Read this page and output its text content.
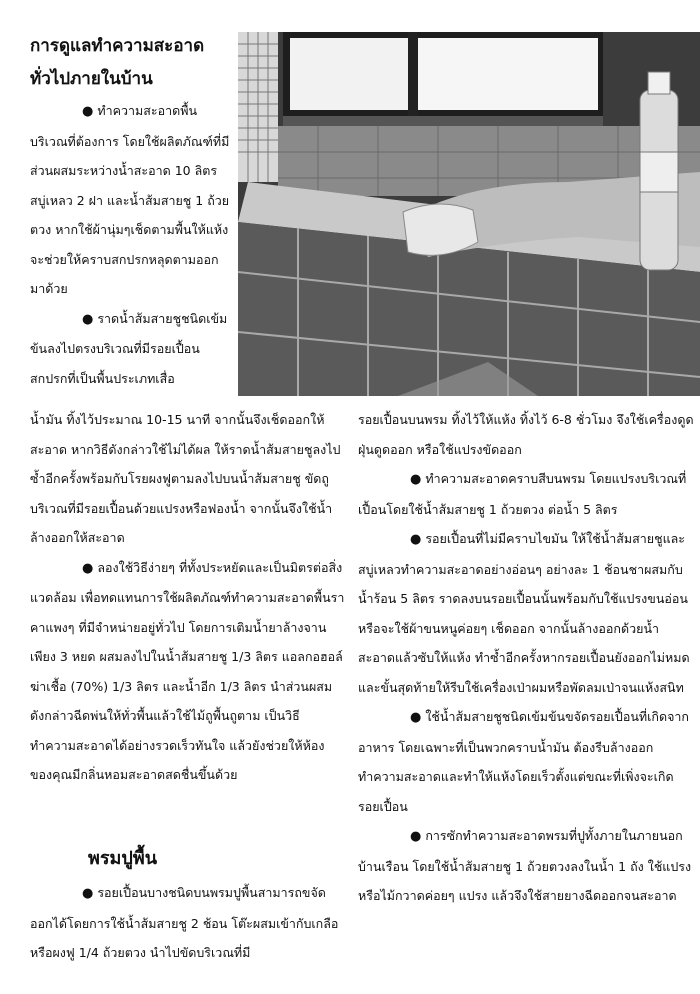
การดูแลทำความสะอาด
ทั่วไปภายในบ้าน

● ทำความสะอาดพื้นบริเวณที่ต้องการ โดยใช้ผลิตภัณฑ์ที่มีส่วนผสมระหว่างน้ำสะอาด 10 ลิตร สบู่เหลว 2 ฝา และน้ำส้มสายชู 1 ถ้วยตวง หากใช้ผ้านุ่มๆเช็ดตามพื้นให้แห้งจะช่วยให้คราบสกปรกหลุดตามออกมาด้วย

● ราดน้ำส้มสายชูชนิดเข้มข้นลงไปตรงบริเวณที่มีรอยเปื้อนสกปรกที่เป็นพื้นประเภทเสื่อ

น้ำมัน ทิ้งไว้ประมาณ 10-15 นาที จากนั้นจึงเช็ดออกให้สะอาด หากวิธีดังกล่าวใช้ไม่ได้ผล ให้ราดน้ำส้มสายชูลงไปซ้ำอีกครั้งพร้อมกับโรยผงฟูตามลงไปบนน้ำส้มสายชู ขัดถูบริเวณที่มีรอยเปื้อนด้วยแปรงหรือฟองน้ำ จากนั้นจึงใช้น้ำล้างออกให้สะอาด

● ลองใช้วิธีง่ายๆ ที่ทั้งประหยัดและเป็นมิตรต่อสิ่งแวดล้อม เพื่อทดแทนการใช้ผลิตภัณฑ์ทำความสะอาดพื้นราคาแพงๆ ที่มีจำหน่ายอยู่ทั่วไป โดยการเติมน้ำยาล้างจานเพียง 3 หยด ผสมลงไปในน้ำส้มสายชู 1/3 ลิตร แอลกอฮอล์ฆ่าเชื้อ (70%) 1/3 ลิตร และน้ำอีก 1/3 ลิตร นำส่วนผสมดังกล่าวฉีดพ่นให้ทั่วพื้นแล้วใช้ไม้ถูพื้นถูตาม เป็นวิธีทำความสะอาดได้อย่างรวดเร็วทันใจ แล้วยังช่วยให้ห้องของคุณมีกลิ่นหอมสะอาดสดชื่นขึ้นด้วย

พรมปูพื้น

● รอยเปื้อนบางชนิดบนพรมปูพื้นสามารถขจัดออกได้โดยการใช้น้ำส้มสายชู 2 ช้อน โต๊ะผสมเข้ากับเกลือ หรือผงฟู 1/4 ถ้วยตวง นำไปขัดบริเวณที่มี

รอยเปื้อนบนพรม ทิ้งไว้ให้แห้ง ทิ้งไว้ 6-8 ชั่วโมง จึงใช้เครื่องดูดฝุ่นดูดออก หรือใช้แปรงขัดออก

● ทำความสะอาดคราบสีบนพรม โดยแปรงบริเวณที่เปื้อนโดยใช้น้ำส้มสายชู 1 ถ้วยตวง ต่อน้ำ 5 ลิตร

● รอยเปื้อนที่ไม่มีคราบไขมัน ให้ใช้น้ำส้มสายชูและสบู่เหลวทำความสะอาดอย่างอ่อนๆ อย่างละ 1 ช้อนชาผสมกับน้ำร้อน 5 ลิตร ราดลงบนรอยเปื้อนนั้นพร้อมกับใช้แปรงขนอ่อน หรือจะใช้ผ้าขนหนูค่อยๆ เช็ดออก จากนั้นล้างออกด้วยน้ำสะอาดแล้วซับให้แห้ง ทำซ้ำอีกครั้งหากรอยเปื้อนยังออกไม่หมด และขั้นสุดท้ายให้รีบใช้เครื่องเป่าผมหรือพัดลมเป่าจนแห้งสนิท

● ใช้น้ำส้มสายชูชนิดเข้มข้นขจัดรอยเปื้อนที่เกิดจากอาหาร โดยเฉพาะที่เป็นพวกคราบน้ำมัน ต้องรีบล้างออกทำความสะอาดและทำให้แห้งโดยเร็วตั้งแต่ขณะที่เพิ่งจะเกิดรอยเปื้อน

● การซักทำความสะอาดพรมที่ปูทั้งภายในภายนอกบ้านเรือน โดยใช้น้ำส้มสายชู 1 ถ้วยตวงลงในน้ำ 1 ถัง ใช้แปรงหรือไม้กวาดค่อยๆ แปรง แล้วจึงใช้สายยางฉีดออกจนสะอาด
